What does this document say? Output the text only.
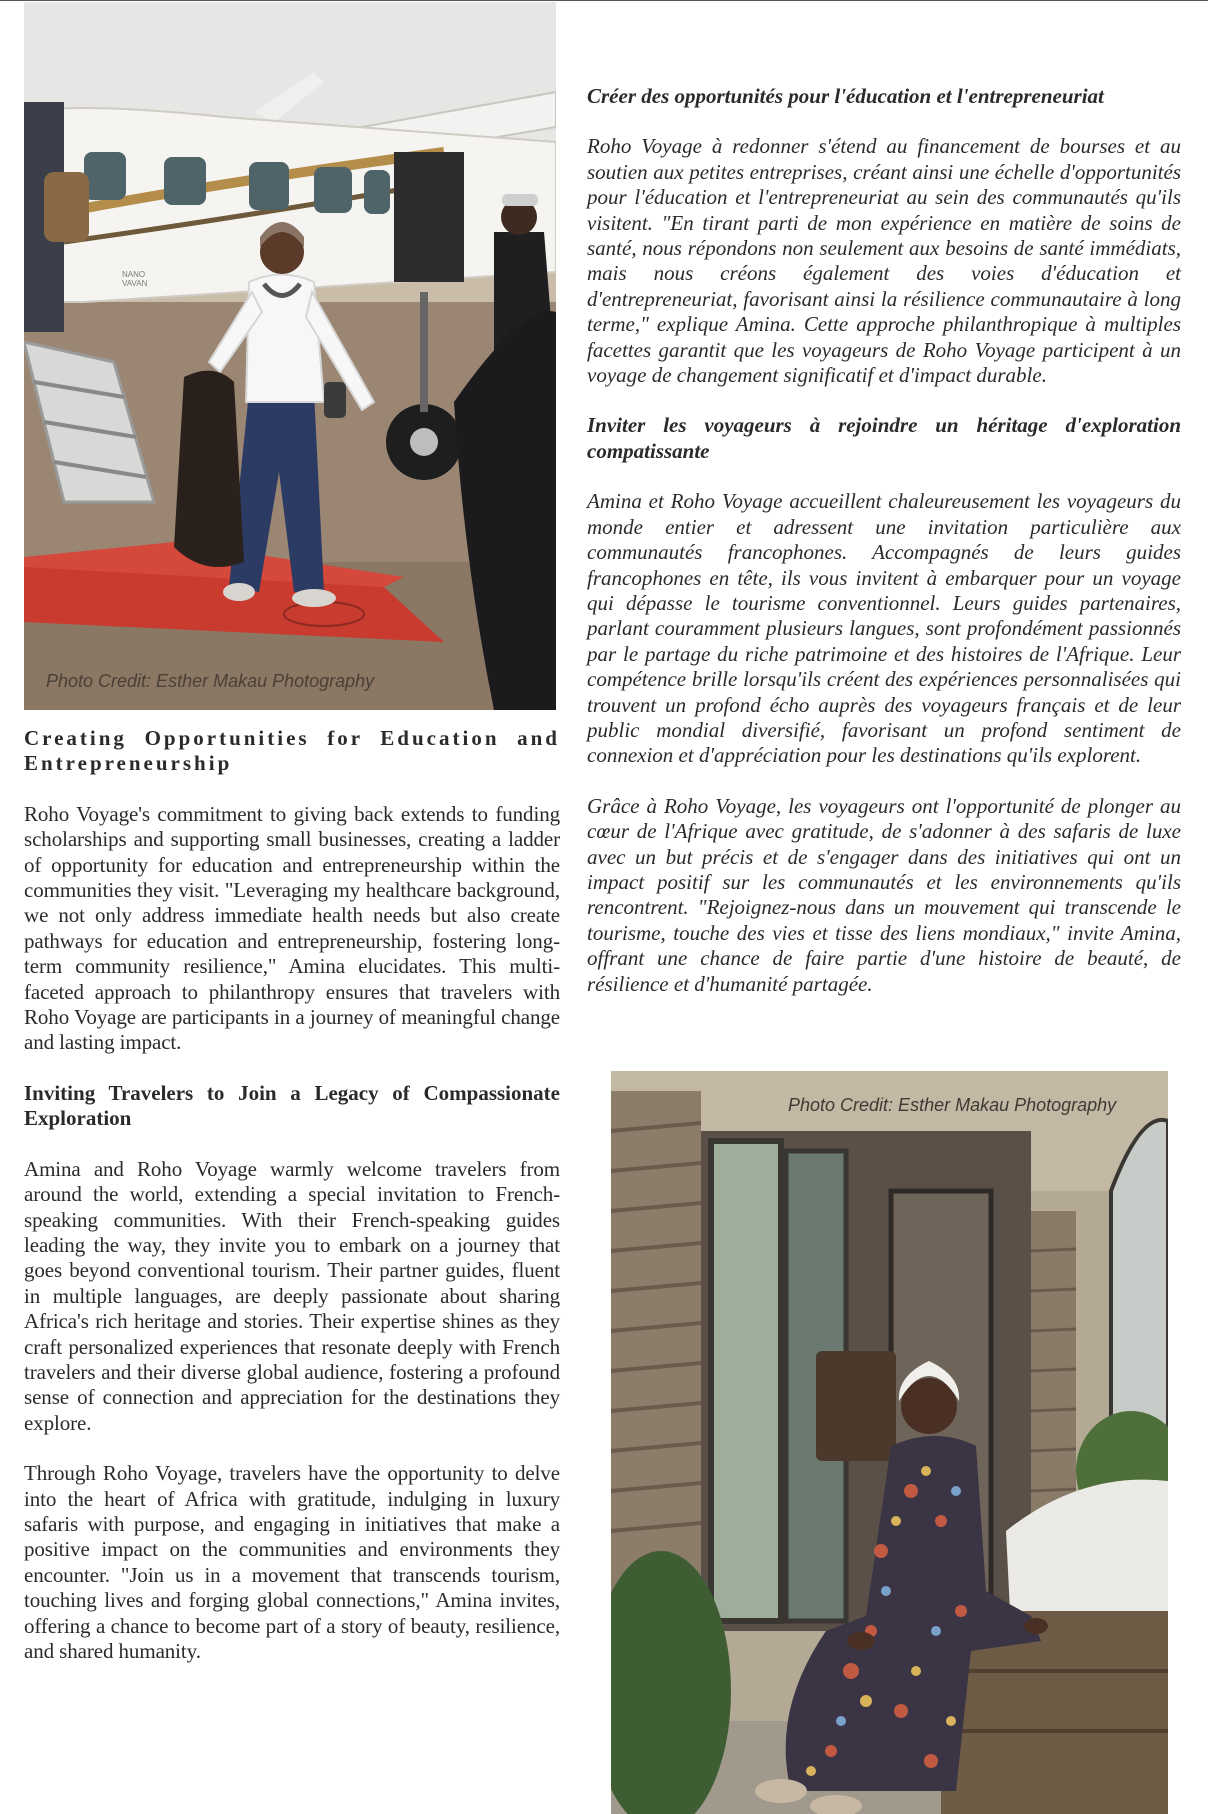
NANO
VAVAN
Photo Credit: Esther Makau Photography
Creating Opportunities for Education and Entrepreneurship

Roho Voyage's commitment to giving back extends to funding scholarships and supporting small businesses, creating a ladder of opportunity for education and entrepreneurship within the communities they visit. "Leveraging my healthcare background, we not only address immediate health needs but also create pathways for education and entrepreneurship, fostering long-term community resilience," Amina elucidates. This multi-faceted approach to philanthropy ensures that travelers with Roho Voyage are participants in a journey of meaningful change and lasting impact.

Inviting Travelers to Join a Legacy of Compassionate Exploration

Amina and Roho Voyage warmly welcome travelers from around the world, extending a special invitation to French-speaking communities. With their French-speaking guides leading the way, they invite you to embark on a journey that goes beyond conventional tourism. Their partner guides, fluent in multiple languages, are deeply passionate about sharing Africa's rich heritage and stories. Their expertise shines as they craft personalized experiences that resonate deeply with French travelers and their diverse global audience, fostering a profound sense of connection and appreciation for the destinations they explore.

Through Roho Voyage, travelers have the opportunity to delve into the heart of Africa with gratitude, indulging in luxury safaris with purpose, and engaging in initiatives that make a positive impact on the communities and environments they encounter. "Join us in a movement that transcends tourism, touching lives and forging global connections," Amina invites, offering a chance to become part of a story of beauty, resilience, and shared humanity.

Créer des opportunités pour l'éducation et l'entrepreneuriat

Roho Voyage à redonner s'étend au financement de bourses et au soutien aux petites entreprises, créant ainsi une échelle d'opportunités pour l'éducation et l'entrepreneuriat au sein des communautés qu'ils visitent. "En tirant parti de mon expérience en matière de soins de santé, nous répondons non seulement aux besoins de santé immédiats, mais nous créons également des voies d'éducation et d'entrepreneuriat, favorisant ainsi la résilience communautaire à long terme," explique Amina. Cette approche philanthropique à multiples facettes garantit que les voyageurs de Roho Voyage participent à un voyage de changement significatif et d'impact durable.

Inviter les voyageurs à rejoindre un héritage d'exploration compatissante

Amina et Roho Voyage accueillent chaleureusement les voyageurs du monde entier et adressent une invitation particulière aux communautés francophones. Accompagnés de leurs guides francophones en tête, ils vous invitent à embarquer pour un voyage qui dépasse le tourisme conventionnel. Leurs guides partenaires, parlant couramment plusieurs langues, sont profondément passionnés par le partage du riche patrimoine et des histoires de l'Afrique. Leur compétence brille lorsqu'ils créent des expériences personnalisées qui trouvent un profond écho auprès des voyageurs français et de leur public mondial diversifié, favorisant un profond sentiment de connexion et d'appréciation pour les destinations qu'ils explorent.

Grâce à Roho Voyage, les voyageurs ont l'opportunité de plonger au cœur de l'Afrique avec gratitude, de s'adonner à des safaris de luxe avec un but précis et de s'engager dans des initiatives qui ont un impact positif sur les communautés et les environnements qu'ils rencontrent. "Rejoignez-nous dans un mouvement qui transcende le tourisme, touche des vies et tisse des liens mondiaux," invite Amina, offrant une chance de faire partie d'une histoire de beauté, de résilience et d'humanité partagée.

Photo Credit: Esther Makau Photography
